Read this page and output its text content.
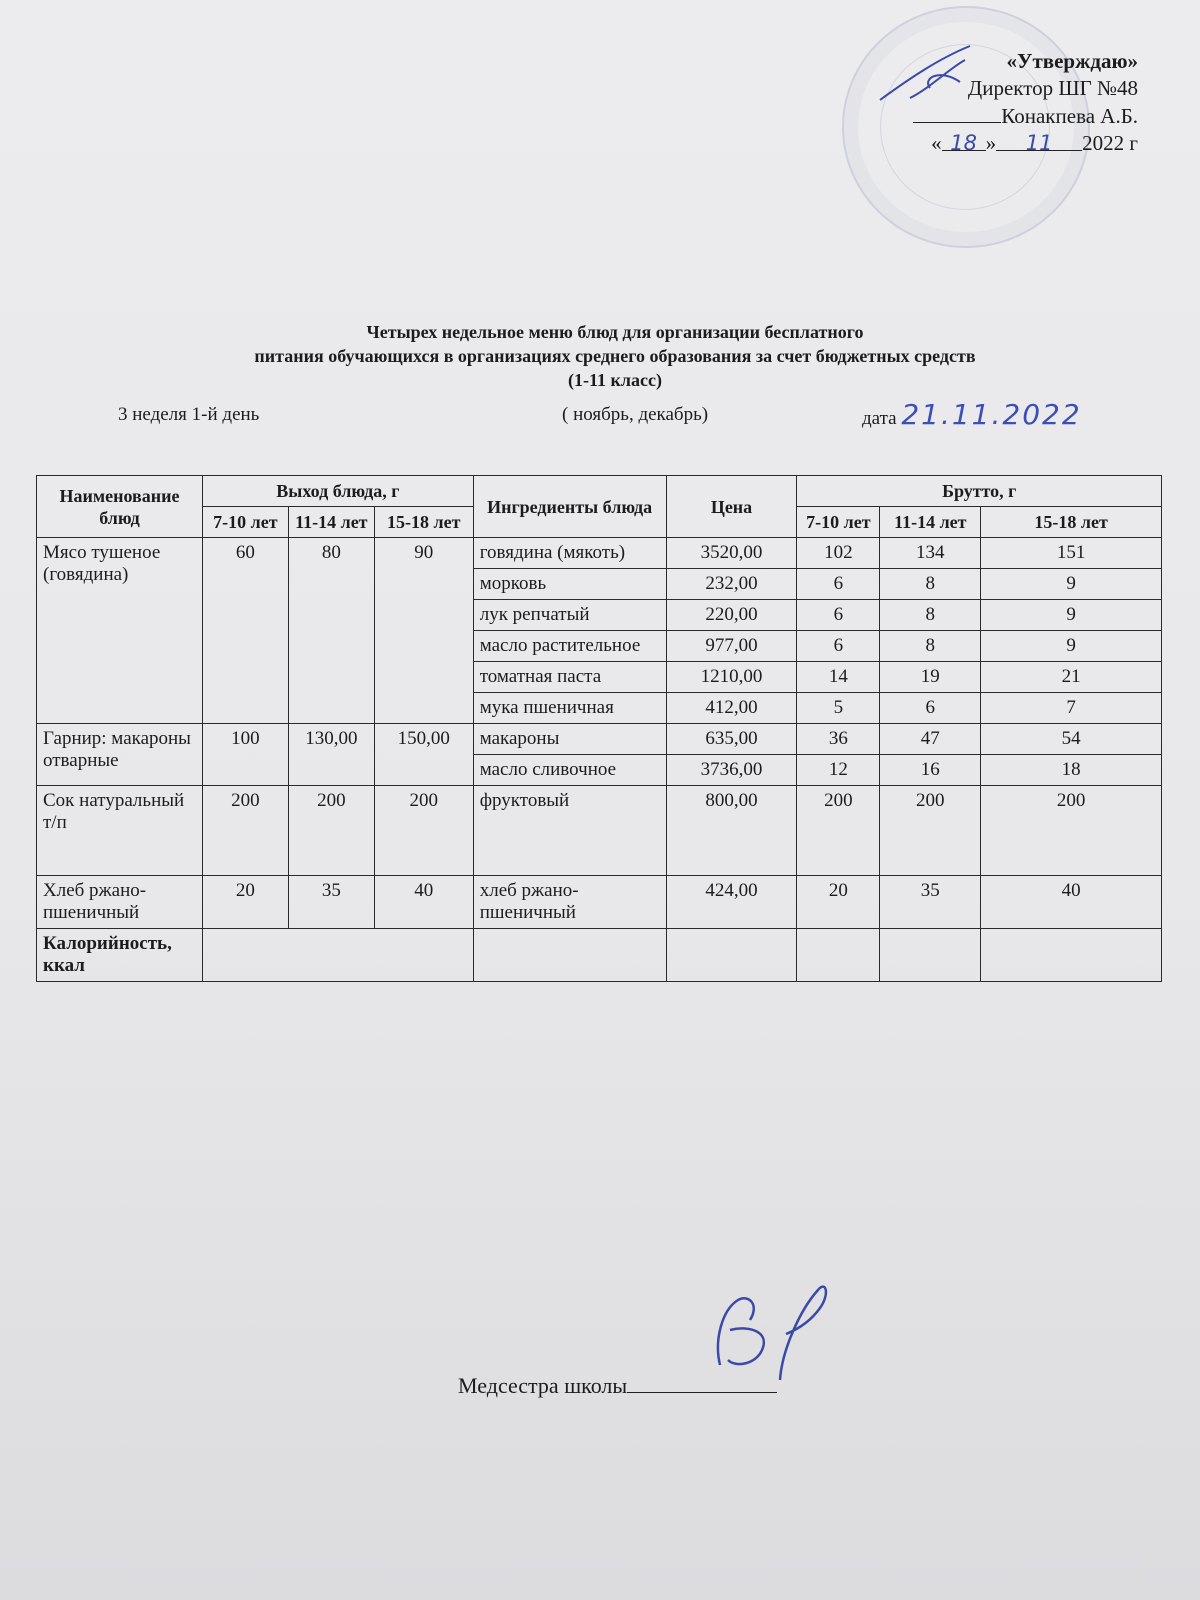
«Утверждаю»
Директор ШГ №48
Конакпева А.Б.
« 18 » 11 2022 г
Четырех недельное меню блюд для организации бесплатного
питания обучающихся в организациях среднего образования за счет бюджетных средств
(1-11 класс)
3 неделя 1-й день	( ноябрь, декабрь)	дата 21.11.2022
Наименование блюд	Выход блюда, г			Ингредиенты блюда	Цена	Брутто, г		
	7-10 лет	11-14 лет	15-18 лет			7-10 лет	11-14 лет	15-18 лет
Мясо тушеное (говядина)	60	80	90	говядина (мякоть)	3520,00	102	134	151
				морковь	232,00	6	8	9
				лук репчатый	220,00	6	8	9
				масло растительное	977,00	6	8	9
				томатная паста	1210,00	14	19	21
				мука пшеничная	412,00	5	6	7
Гарнир: макароны отварные	100	130,00	150,00	макароны	635,00	36	47	54
				масло сливочное	3736,00	12	16	18
Сок натуральный т/п	200	200	200	фруктовый	800,00	200	200	200
Хлеб ржано-пшеничный	20	35	40	хлеб ржано-пшеничный	424,00	20	35	40
Калорийность, ккал								
Медсестра школы
